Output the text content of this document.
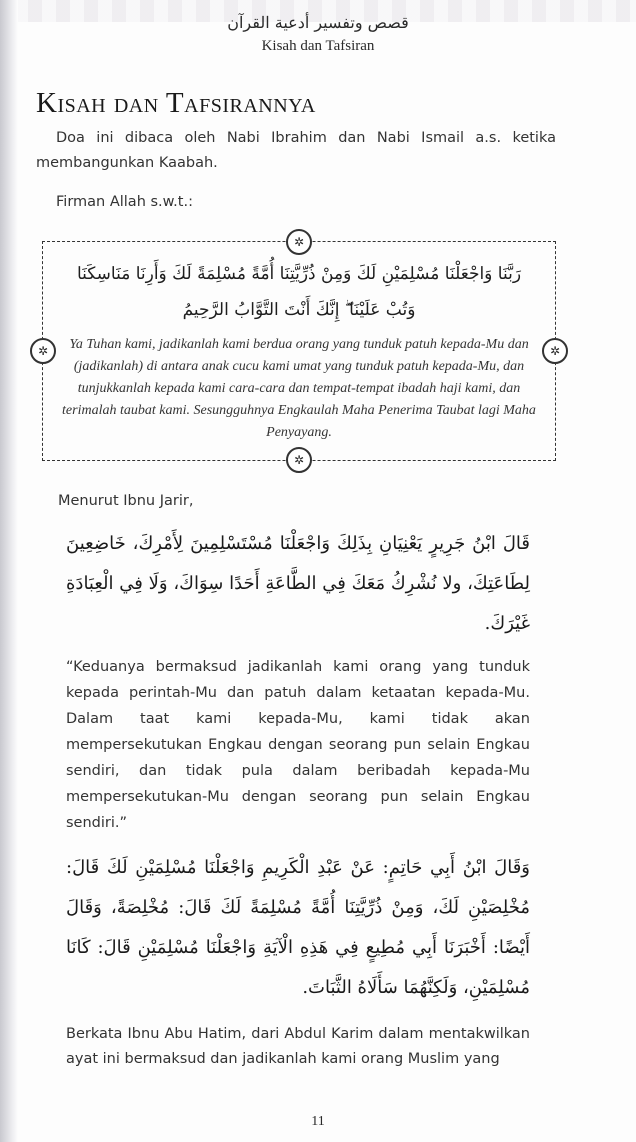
قصص وتفسير أدعية القرآن
Kisah dan Tafsiran
Kisah dan Tafsirannya
Doa ini dibaca oleh Nabi Ibrahim dan Nabi Ismail a.s. ketika membangunkan Kaabah.
Firman Allah s.w.t.:
✲
✲
✲	✲
رَبَّنَا وَاجْعَلْنَا مُسْلِمَيْنِ لَكَ وَمِنْ ذُرِّيَّتِنَا أُمَّةً مُسْلِمَةً لَكَ وَأَرِنَا مَنَاسِكَنَا
وَتُبْ عَلَيْنَا ۖ إِنَّكَ أَنْتَ التَّوَّابُ الرَّحِيمُ
Ya Tuhan kami, jadikanlah kami berdua orang yang tunduk patuh kepada-Mu dan (jadikanlah) di antara anak cucu kami umat yang tunduk patuh kepada-Mu, dan tunjukkanlah kepada kami cara-cara dan tempat-tempat ibadah haji kami, dan terimalah taubat kami. Sesungguhnya Engkaulah Maha Penerima Taubat lagi Maha Penyayang.
Menurut Ibnu Jarir,
قَالَ ابْنُ جَرِيرٍ يَعْنِيَانِ بِذَلِكَ وَاجْعَلْنَا مُسْتَسْلِمِينَ لِأَمْرِكَ، خَاضِعِينَ لِطَاعَتِكَ، ولا نُشْرِكُ مَعَكَ فِي الطَّاعَةِ أَحَدًا سِوَاكَ، وَلَا فِي الْعِبَادَةِ غَيْرَكَ.
“Keduanya bermaksud jadikanlah kami orang yang tunduk kepada perintah-Mu dan patuh dalam ketaatan kepada-Mu. Dalam taat kami kepada-Mu, kami tidak akan mempersekutukan Engkau dengan seorang pun selain Engkau sendiri, dan tidak pula dalam beribadah kepada-Mu mempersekutukan-Mu dengan seorang pun selain Engkau sendiri.”
وَقَالَ ابْنُ أَبِي حَاتِمٍ: عَنْ عَبْدِ الْكَرِيمِ وَاجْعَلْنَا مُسْلِمَيْنِ لَكَ قَالَ: مُخْلِصَيْنِ لَكَ، وَمِنْ ذُرِّيَّتِنَا أُمَّةً مُسْلِمَةً لَكَ قَالَ: مُخْلِصَةً، وَقَالَ أَيْضًا: أَخْبَرَنَا أَبِي مُطِيعٍ فِي هَذِهِ الْآيَةِ وَاجْعَلْنَا مُسْلِمَيْنِ قَالَ: كَانَا مُسْلِمَيْنِ، وَلَكِنَّهُمَا سَأَلَاهُ الثَّبَاتَ.
Berkata Ibnu Abu Hatim, dari Abdul Karim dalam mentakwilkan ayat ini bermaksud dan jadikanlah kami orang Muslim yang
11
